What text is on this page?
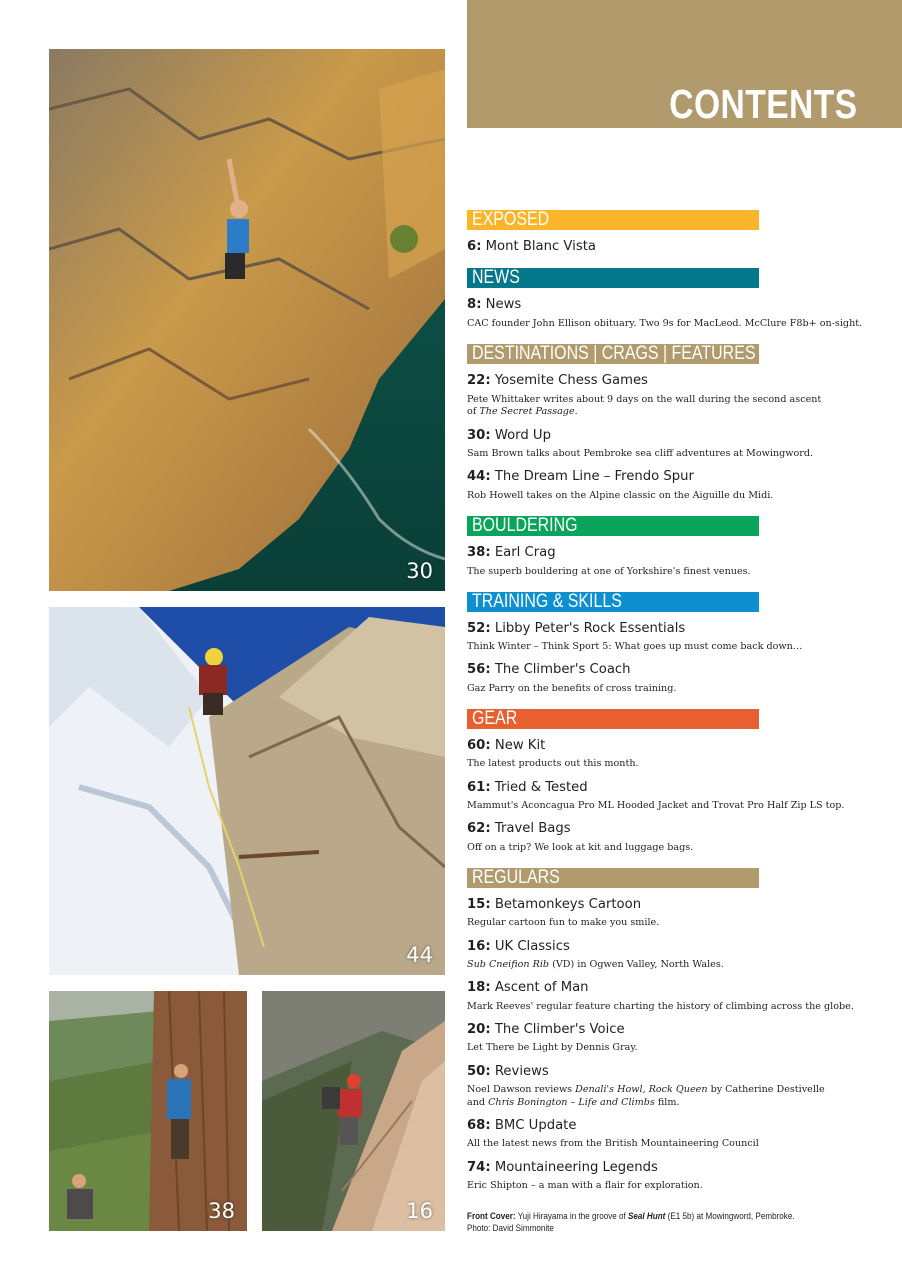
30
44
38	16
CONTENTS
EXPOSED
6: Mont Blanc Vista
NEWS
8: News
CAC founder John Ellison obituary. Two 9s for MacLeod. McClure F8b+ on-sight.
DESTINATIONS | CRAGS | FEATURES
22: Yosemite Chess Games
Pete Whittaker writes about 9 days on the wall during the second ascent
of The Secret Passage.
30: Word Up
Sam Brown talks about Pembroke sea cliff adventures at Mowingword.
44: The Dream Line – Frendo Spur
Rob Howell takes on the Alpine classic on the Aiguille du Midi.
BOULDERING
38: Earl Crag
The superb bouldering at one of Yorkshire's finest venues.
TRAINING & SKILLS
52: Libby Peter's Rock Essentials
Think Winter – Think Sport 5: What goes up must come back down…
56: The Climber's Coach
Gaz Parry on the benefits of cross training.
GEAR
60: New Kit
The latest products out this month.
61: Tried & Tested
Mammut's Aconcagua Pro ML Hooded Jacket and Trovat Pro Half Zip LS top.
62: Travel Bags
Off on a trip? We look at kit and luggage bags.
REGULARS
15: Betamonkeys Cartoon
Regular cartoon fun to make you smile.
16: UK Classics
Sub Cneifion Rib (VD) in Ogwen Valley, North Wales.
18: Ascent of Man
Mark Reeves' regular feature charting the history of climbing across the globe.
20: The Climber's Voice
Let There be Light by Dennis Gray.
50: Reviews
Noel Dawson reviews Denali's Howl, Rock Queen by Catherine Destivelle
and Chris Bonington – Life and Climbs film.
68: BMC Update
All the latest news from the British Mountaineering Council
74: Mountaineering Legends
Eric Shipton – a man with a flair for exploration.
Front Cover: Yuji Hirayama in the groove of Seal Hunt (E1 5b) at Mowingword, Pembroke.
Photo: David Simmonite
